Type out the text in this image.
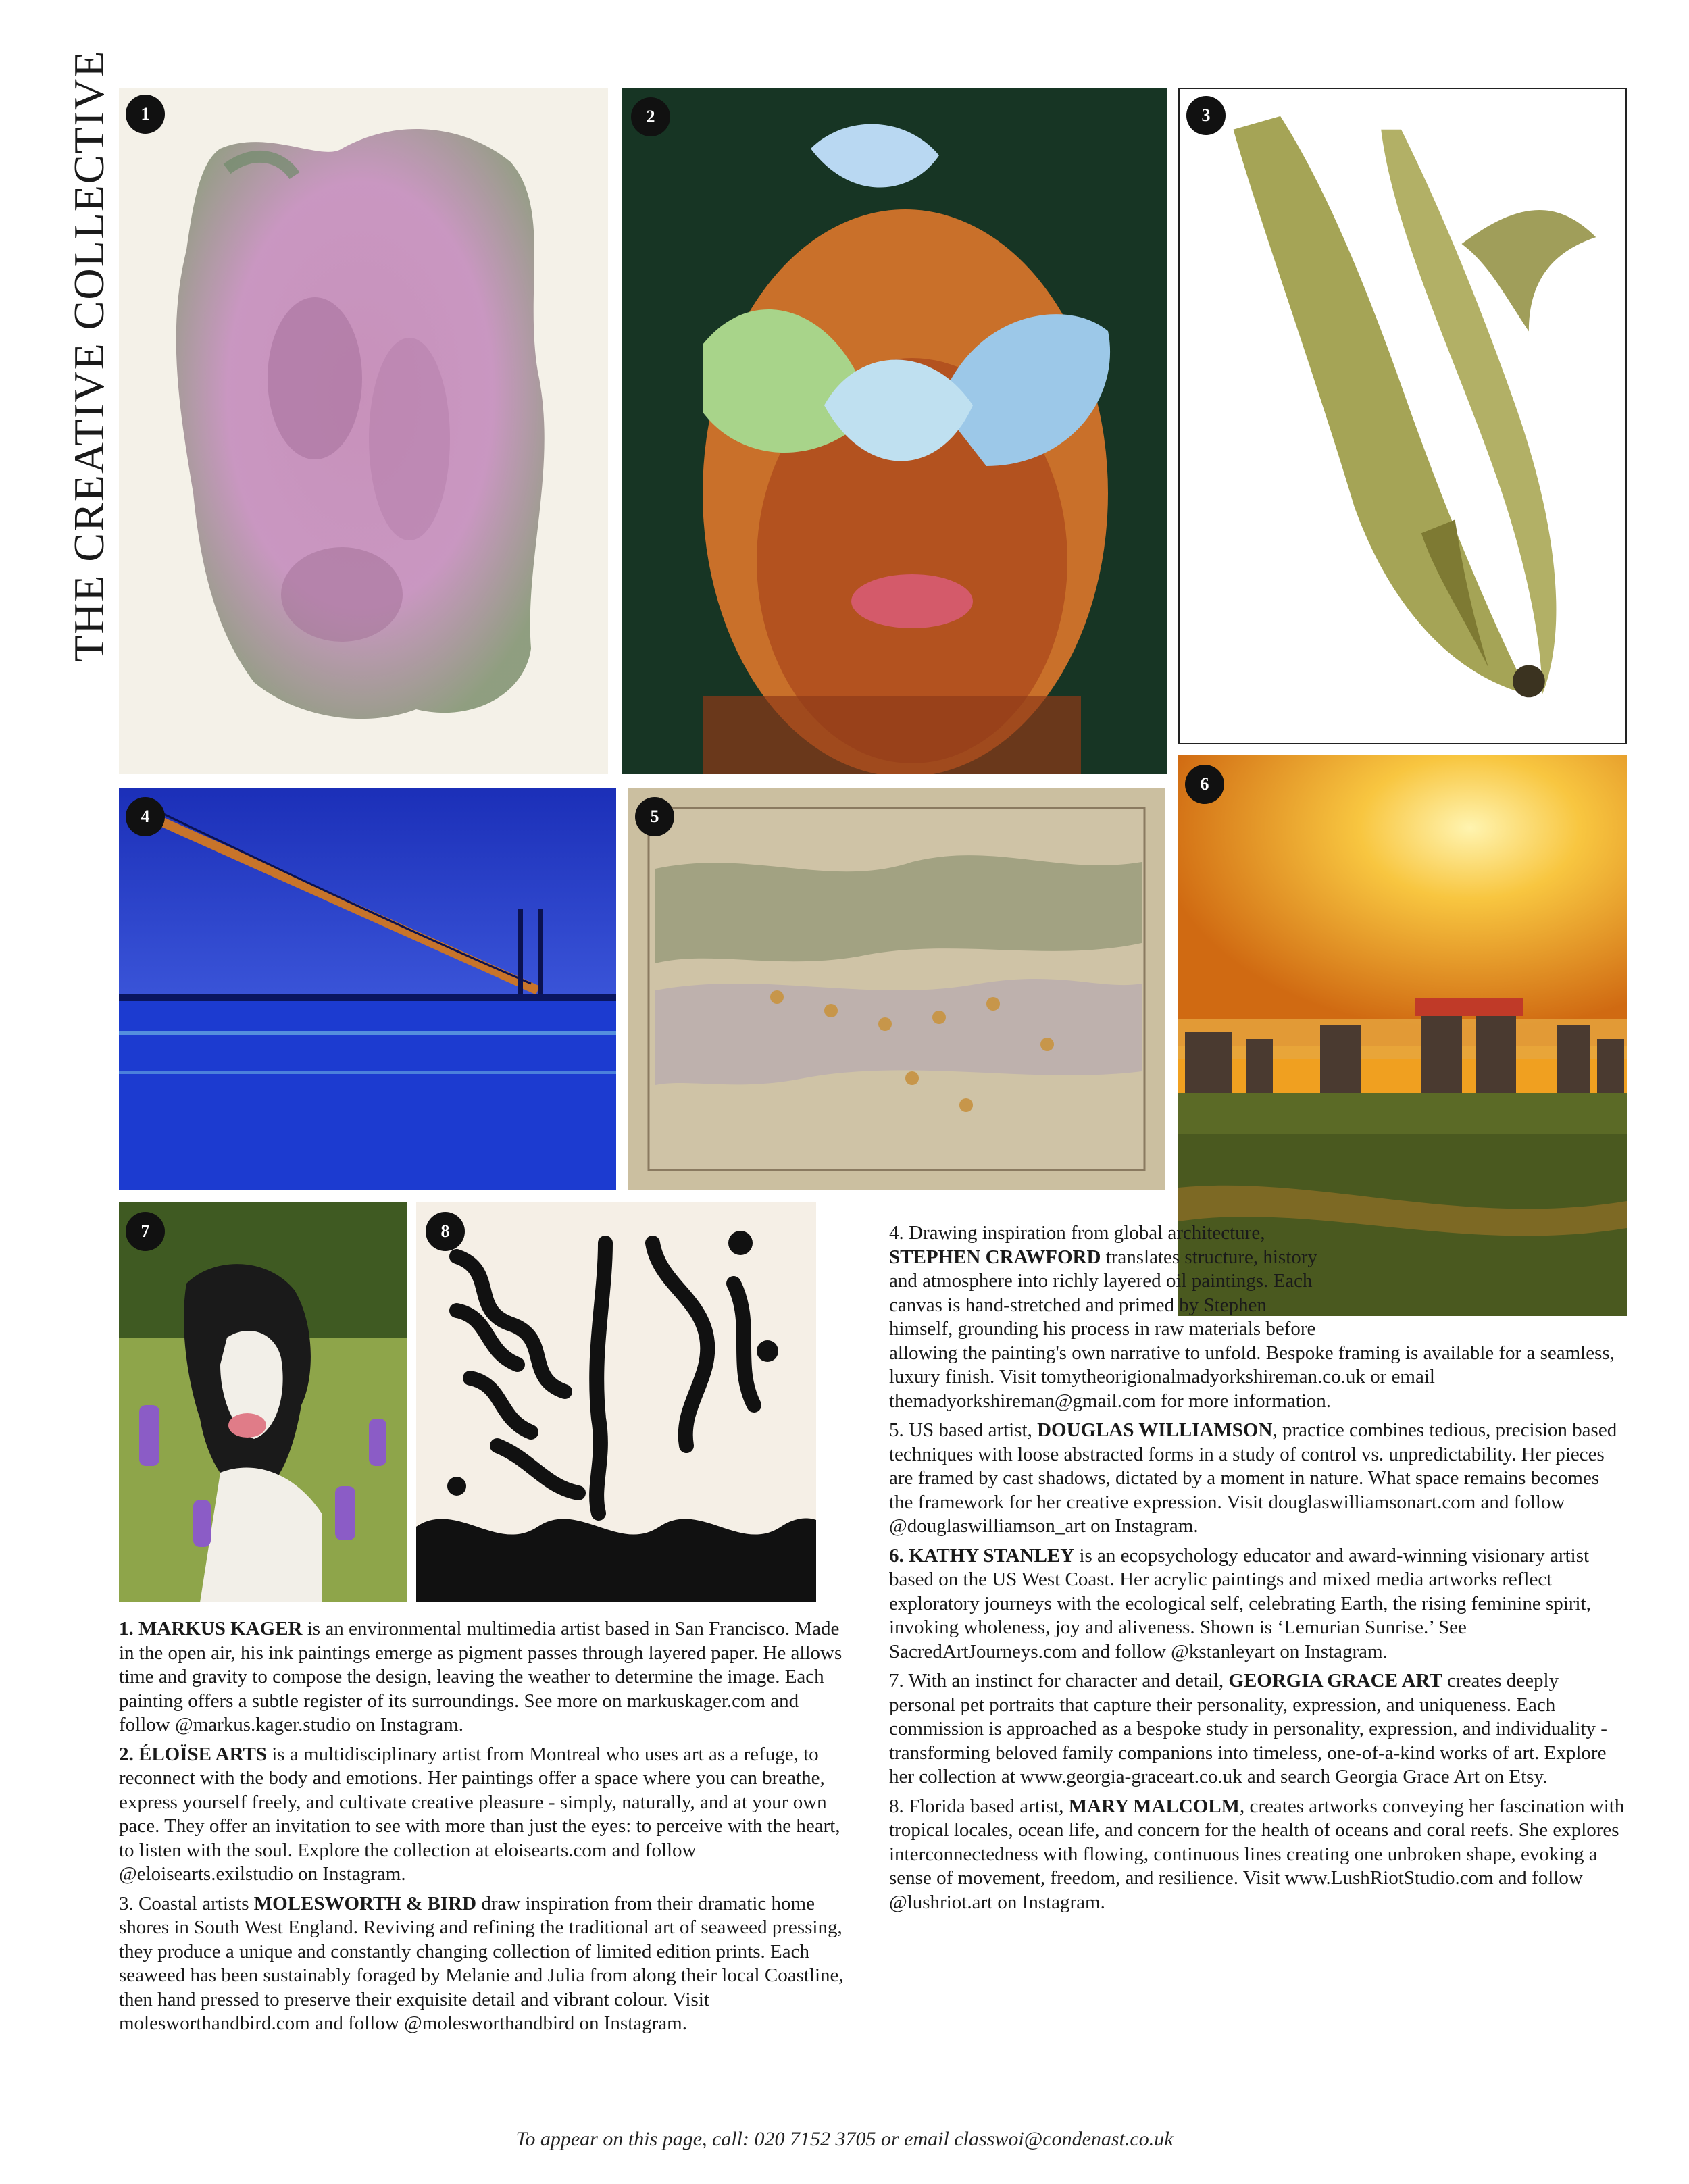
THE CREATIVE COLLECTIVE	1	2	3
4	5
6
7	8

1. MARKUS KAGER is an environmental multimedia artist based in San Francisco. Made in the open air, his ink paintings emerge as pigment passes through layered paper. He allows time and gravity to compose the design, leaving the weather to determine the image. Each painting offers a subtle register of its surroundings. See more on markuskager.com and follow @markus.kager.studio on Instagram.

2. ÉLOÏSE ARTS is a multidisciplinary artist from Montreal who uses art as a refuge, to reconnect with the body and emotions. Her paintings offer a space where you can breathe, express yourself freely, and cultivate creative pleasure - simply, naturally, and at your own pace. They offer an invitation to see with more than just the eyes: to perceive with the heart, to listen with the soul. Explore the collection at eloisearts.com and follow @eloisearts.exilstudio on Instagram.

3. Coastal artists MOLESWORTH & BIRD draw inspiration from their dramatic home shores in South West England. Reviving and refining the traditional art of seaweed pressing, they produce a unique and constantly changing collection of limited edition prints. Each seaweed has been sustainably foraged by Melanie and Julia from along their local Coastline, then hand pressed to preserve their exquisite detail and vibrant colour. Visit molesworthandbird.com and follow @molesworthandbird on Instagram.

4. Drawing inspiration from global architecture, STEPHEN CRAWFORD translates structure, history and atmosphere into richly layered oil paintings. Each canvas is hand-stretched and primed by Stephen himself, grounding his process in raw materials before allowing the painting's own narrative to unfold. Bespoke framing is available for a seamless, luxury finish. Visit tomytheorigionalmadyorkshireman.co.uk or email themadyorkshireman@gmail.com for more information.

5. US based artist, DOUGLAS WILLIAMSON, practice combines tedious, precision based techniques with loose abstracted forms in a study of control vs. unpredictability. Her pieces are framed by cast shadows, dictated by a moment in nature. What space remains becomes the framework for her creative expression. Visit douglaswilliamsonart.com and follow @douglaswilliamson_art on Instagram.

6. KATHY STANLEY is an ecopsychology educator and award-winning visionary artist based on the US West Coast. Her acrylic paintings and mixed media artworks reflect exploratory journeys with the ecological self, celebrating Earth, the rising feminine spirit, invoking wholeness, joy and aliveness. Shown is ‘Lemurian Sunrise.’ See SacredArtJourneys.com and follow @kstanleyart on Instagram.

7. With an instinct for character and detail, GEORGIA GRACE ART creates deeply personal pet portraits that capture their personality, expression, and uniqueness. Each commission is approached as a bespoke study in personality, expression, and individuality - transforming beloved family companions into timeless, one-of-a-kind works of art. Explore her collection at www.georgia-graceart.co.uk and search Georgia Grace Art on Etsy.

8. Florida based artist, MARY MALCOLM, creates artworks conveying her fascination with tropical locales, ocean life, and concern for the health of oceans and coral reefs. She explores interconnectedness with flowing, continuous lines creating one unbroken shape, evoking a sense of movement, freedom, and resilience. Visit www.LushRiotStudio.com and follow @lushriot.art on Instagram.

To appear on this page, call: 020 7152 3705 or email classwoi@condenast.co.uk
